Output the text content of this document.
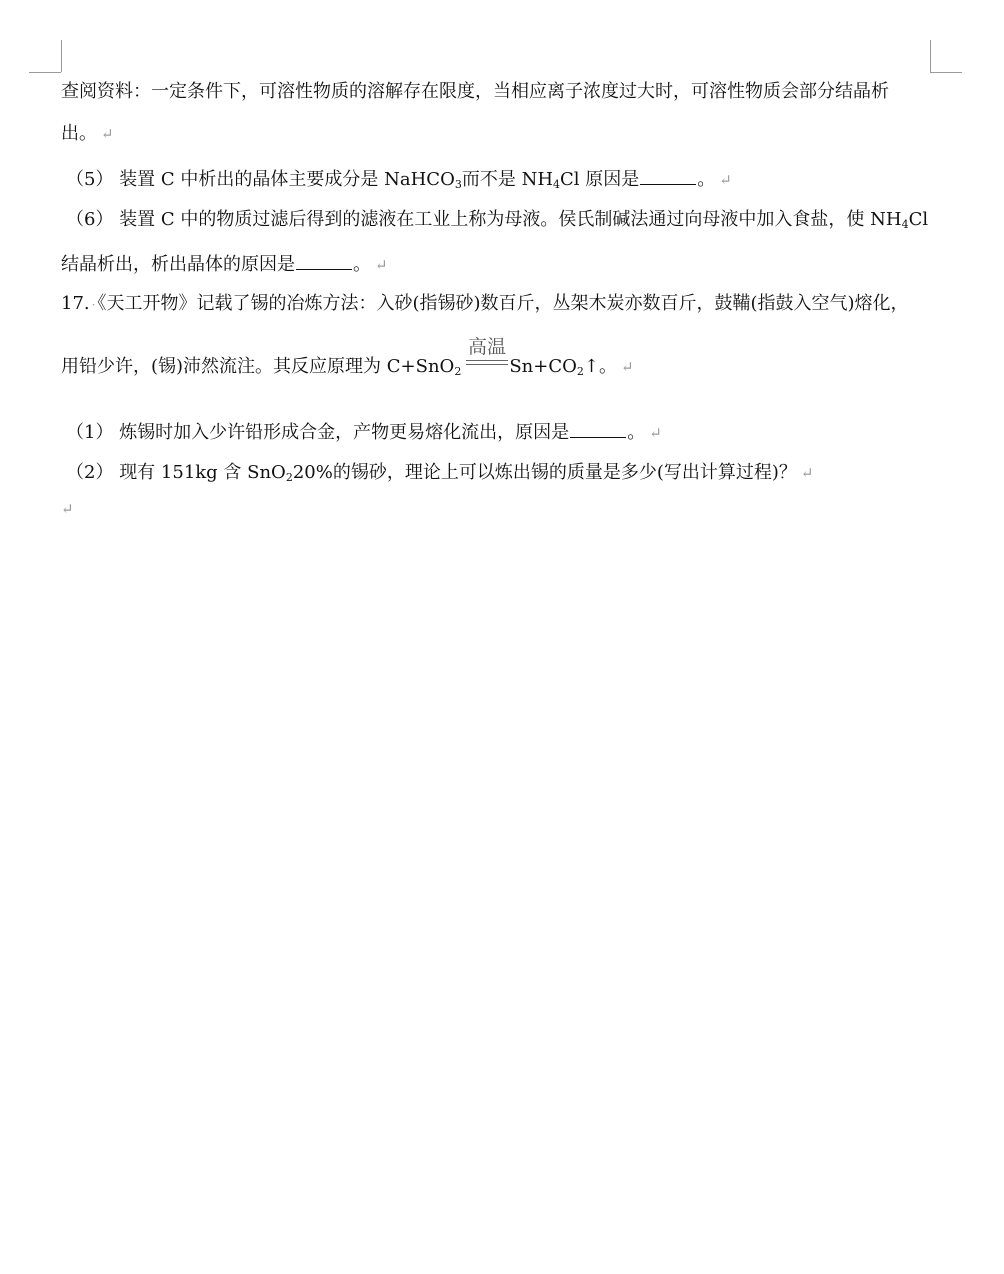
查阅资料：一定条件下，可溶性物质的溶解存在限度，当相应离子浓度过大时，可溶性物质会部分结晶析
出。 ↵
（5） 装置 C 中析出的晶体主要成分是 NaHCO$_3$而不是 $NH_4Cl$ 原因是	。 ↵
（6） 装置 C 中的物质过滤后得到的滤液在工业上称为母液。侯氏制碱法通过向母液中加入食盐，使 $NH_4Cl$
结晶析出，析出晶体的原因是	。 ↵
17. · 《天工开物》记载了锡的冶炼方法：入砂(指锡砂)数百斤，丛架木炭亦数百斤，鼓鞴(指鼓入空气)熔化，
用铅少许，(锡)沛然流注。其反应原理为 C+SnO$_2$	$Sn+CO_2↑$。 ↵
高温
（1） 炼锡时加入少许铅形成合金，产物更易熔化流出，原因是	。 ↵
（2） 现有 151kg 含 SnO$_2$20%的锡砂，理论上可以炼出锡的质量是多少(写出计算过程)？ ↵
↵
